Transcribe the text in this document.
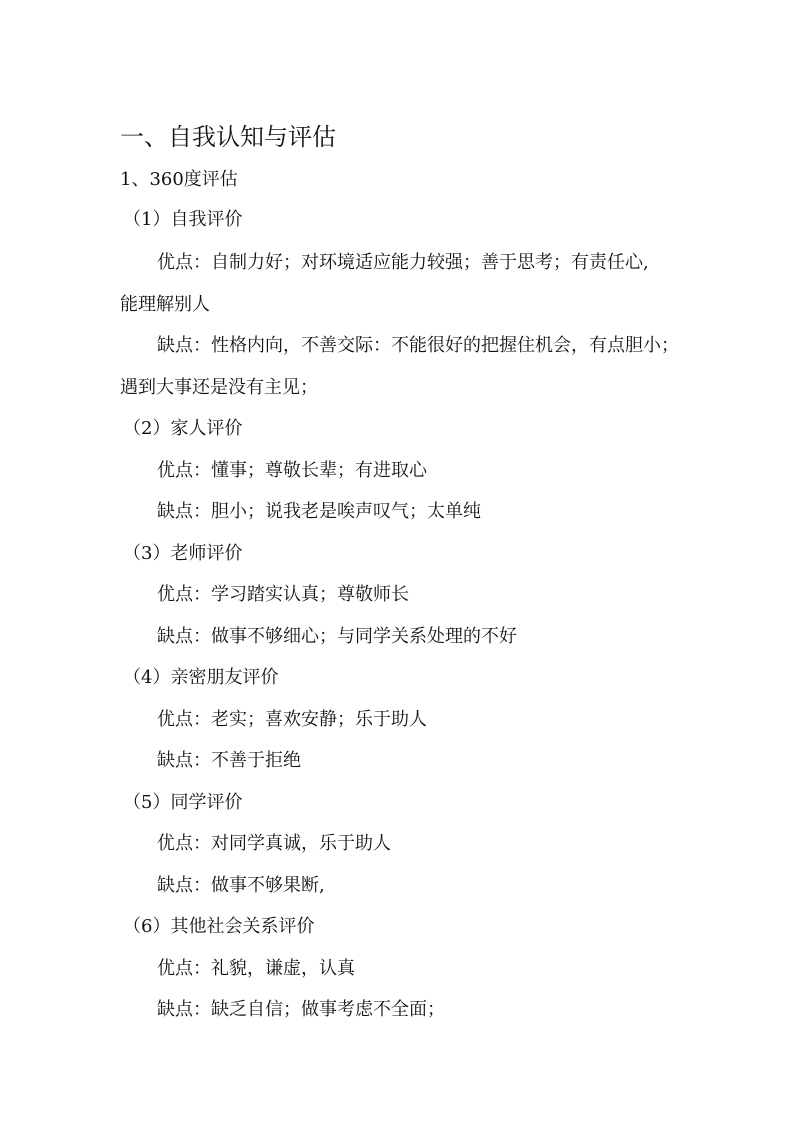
一、自我认知与评估
1、360度评估
（1）自我评价
优点：自制力好；对环境适应能力较强；善于思考；有责任心,
能理解别人
缺点：性格内向，不善交际：不能很好的把握住机会，有点胆小；
遇到大事还是没有主见；
（2）家人评价
优点：懂事；尊敬长辈；有进取心
缺点：胆小；说我老是唉声叹气；太单纯
（3）老师评价
优点：学习踏实认真；尊敬师长
缺点：做事不够细心；与同学关系处理的不好
（4）亲密朋友评价
优点：老实；喜欢安静；乐于助人
缺点：不善于拒绝
（5）同学评价
优点：对同学真诚，乐于助人
缺点：做事不够果断,
（6）其他社会关系评价
优点：礼貌，谦虚，认真
缺点：缺乏自信；做事考虑不全面；
